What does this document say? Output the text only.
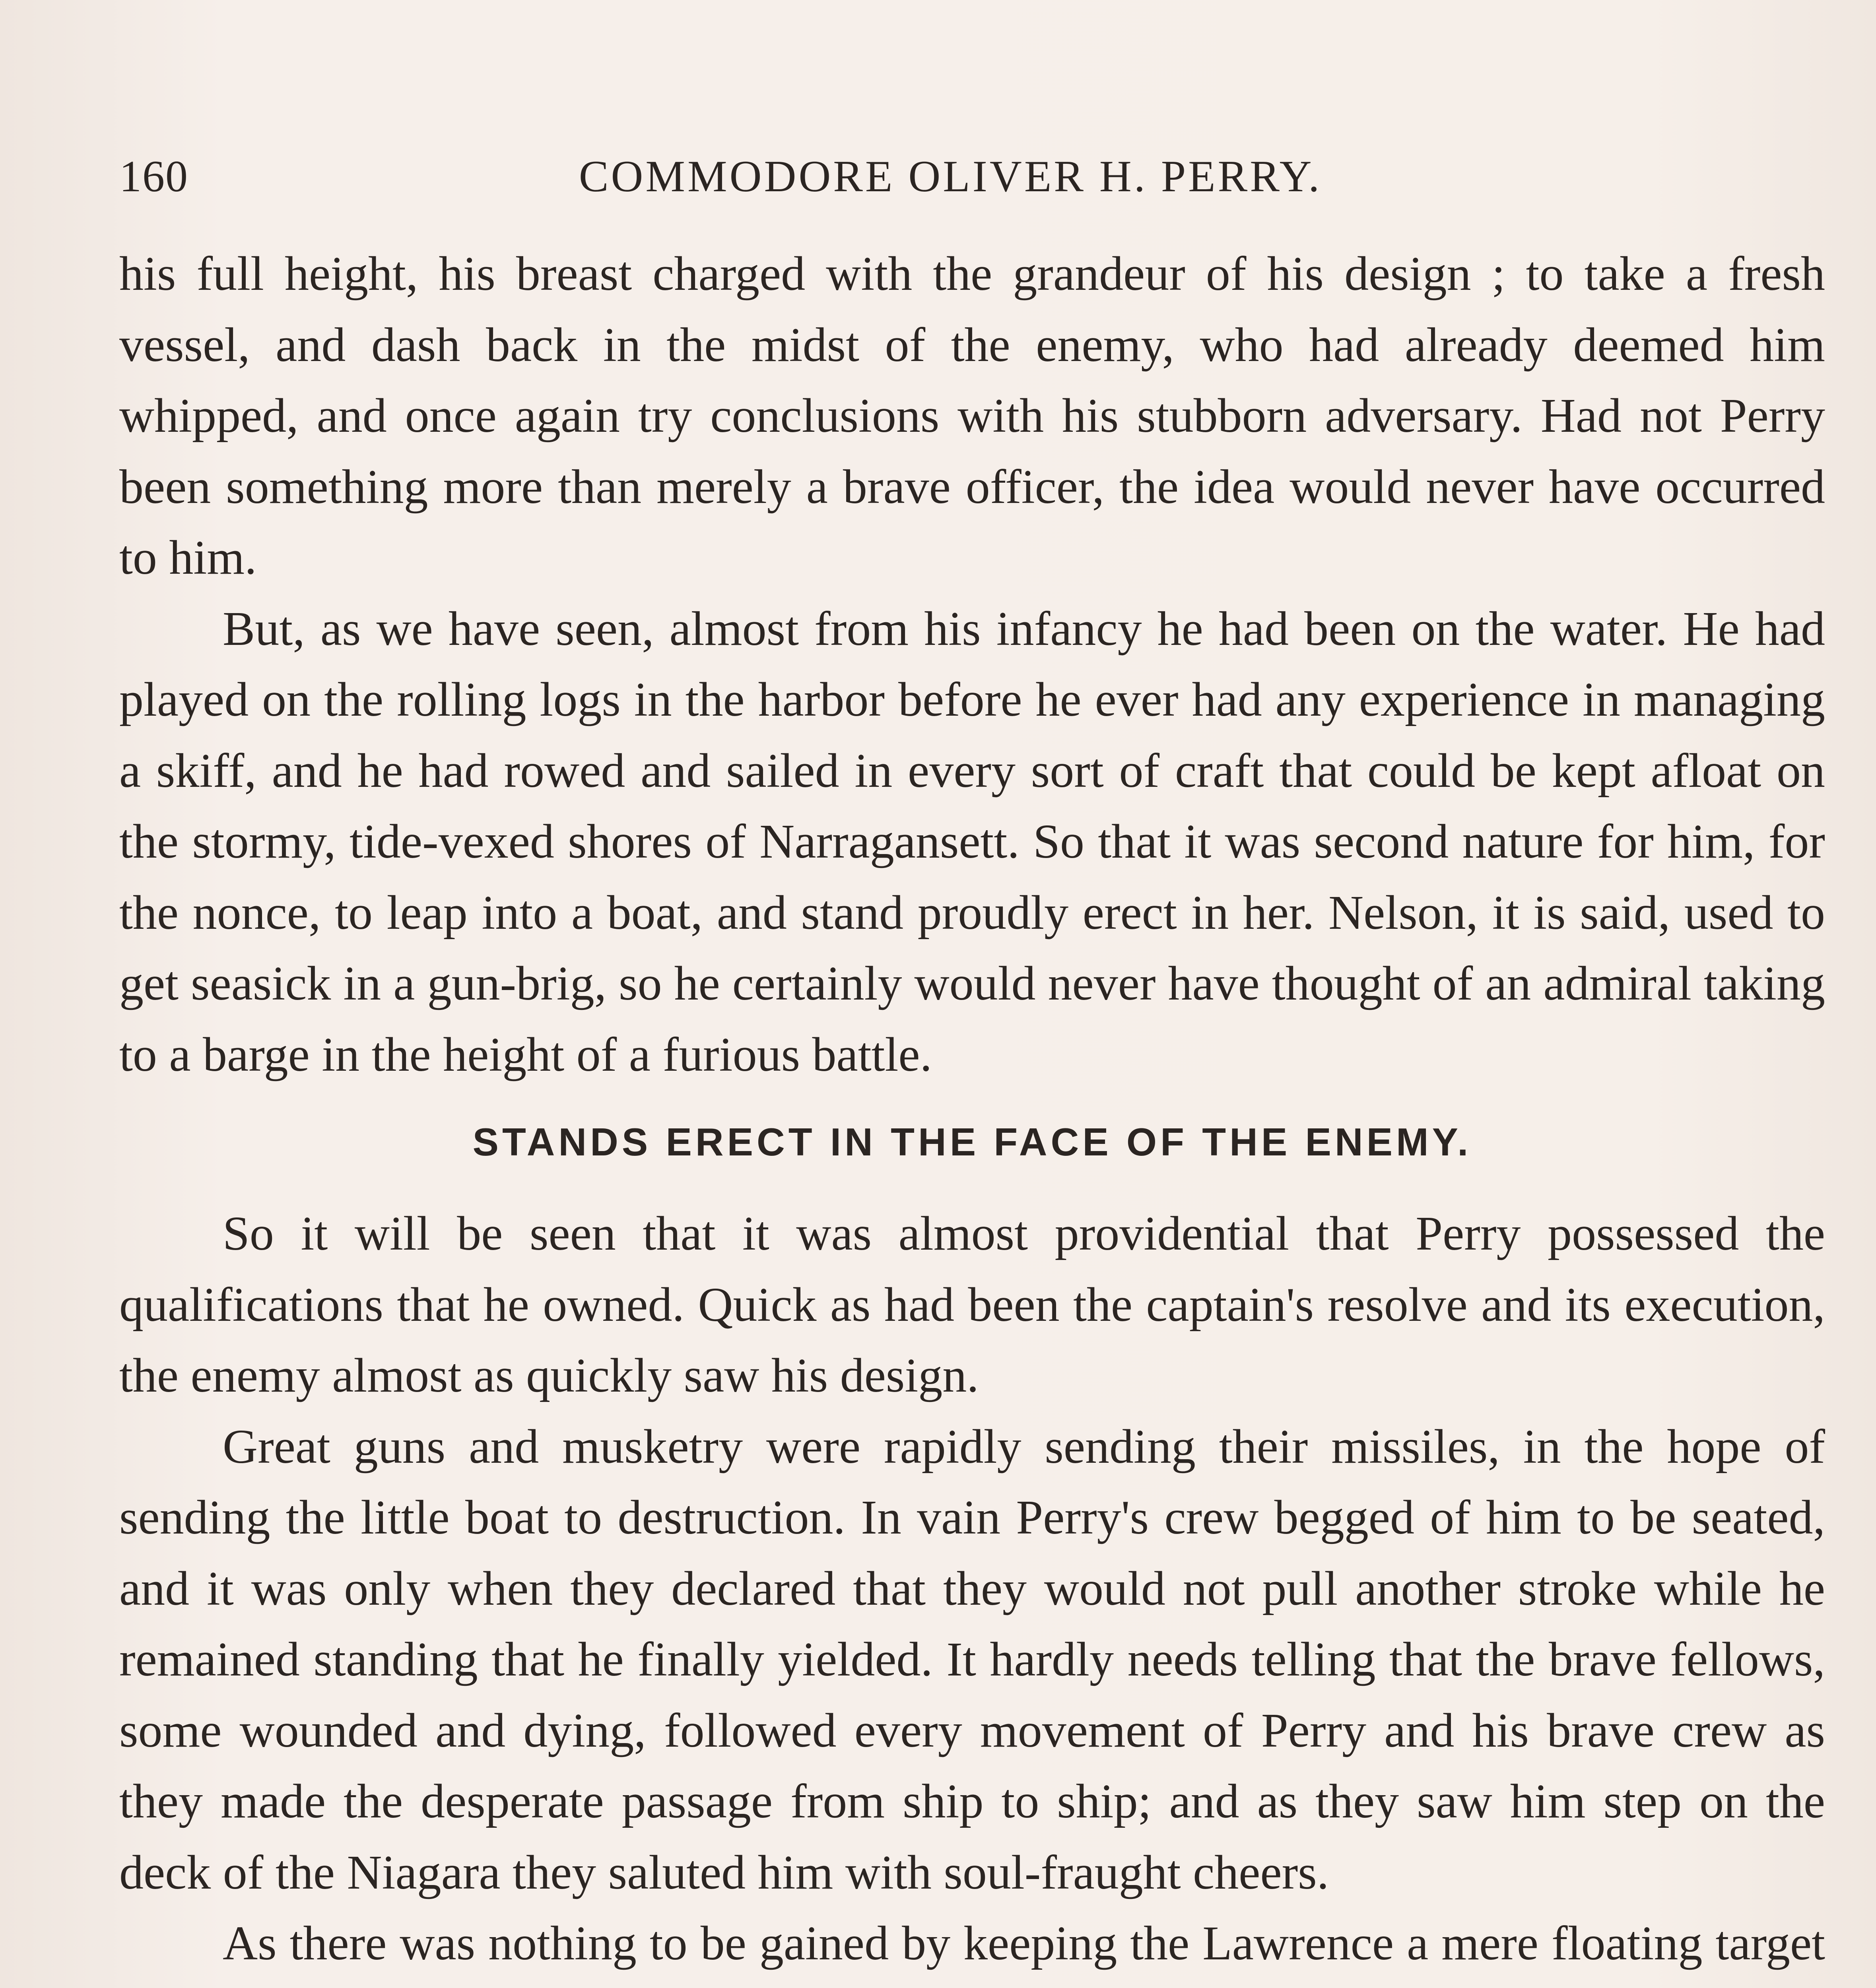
160	COMMODORE OLIVER H. PERRY.

his full height, his breast charged with the grandeur of his design ; to take a fresh vessel, and dash back in the midst of the enemy, who had already deemed him whipped, and once again try conclusions with his stubborn adversary. Had not Perry been something more than merely a brave officer, the idea would never have occurred to him.

But, as we have seen, almost from his infancy he had been on the water. He had played on the rolling logs in the harbor before he ever had any experience in managing a skiff, and he had rowed and sailed in every sort of craft that could be kept afloat on the stormy, tide-vexed shores of Narragansett. So that it was second nature for him, for the nonce, to leap into a boat, and stand proudly erect in her. Nelson, it is said, used to get seasick in a gun-brig, so he certainly would never have thought of an admiral taking to a barge in the height of a furious battle.

STANDS ERECT IN THE FACE OF THE ENEMY.

So it will be seen that it was almost providential that Perry possessed the qualifications that he owned. Quick as had been the captain's resolve and its execution, the enemy almost as quickly saw his design.

Great guns and musketry were rapidly sending their missiles, in the hope of sending the little boat to destruction. In vain Perry's crew begged of him to be seated, and it was only when they declared that they would not pull another stroke while he remained standing that he finally yielded. It hardly needs telling that the brave fellows, some wounded and dying, followed every movement of Perry and his brave crew as they made the desperate passage from ship to ship; and as they saw him step on the deck of the Niagara they saluted him with soul-fraught cheers.

As there was nothing to be gained by keeping the Lawrence a mere floating target
